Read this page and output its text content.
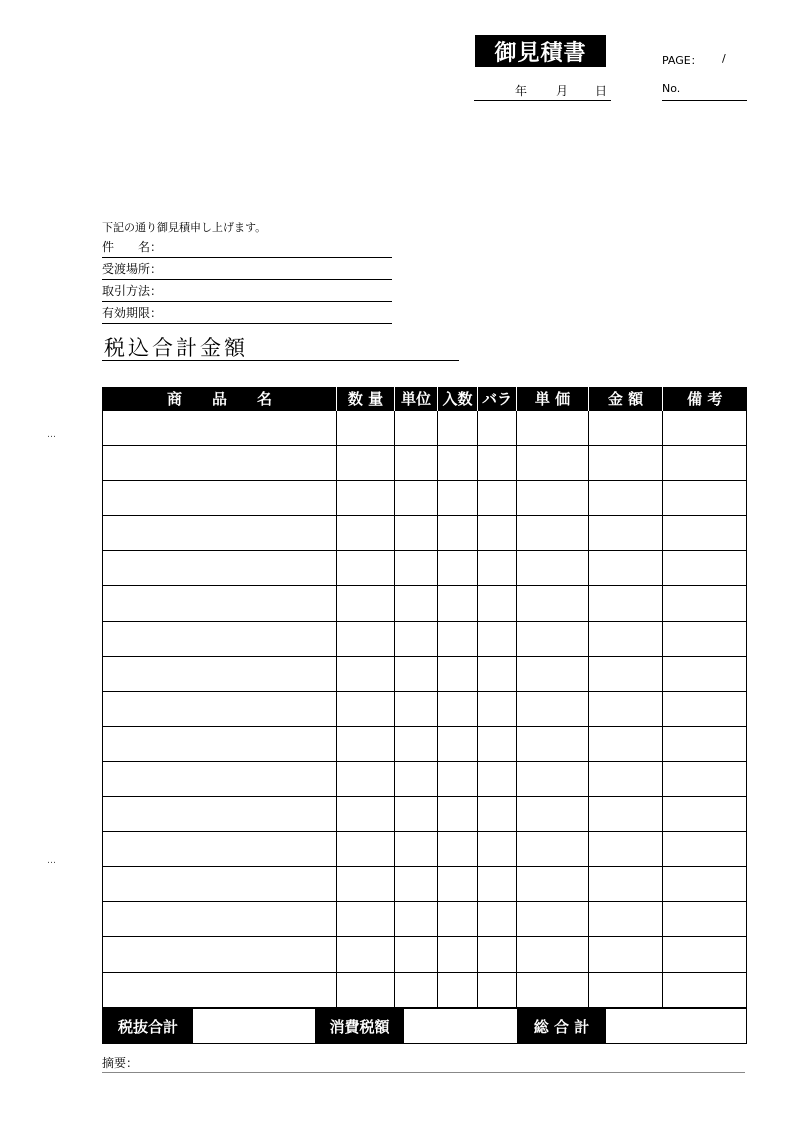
御見積書	PAGE： /
年 月 日	No.
下記の通り御見積申し上げます。
件　　名：
受渡場所：
取引方法：
有効期限：
税込合計金額
商　　品　　名	数 量	単位	入数	バラ	単 価	金 額	備 考

税抜合計	消費税額	総 合 計
摘要：
…
…
